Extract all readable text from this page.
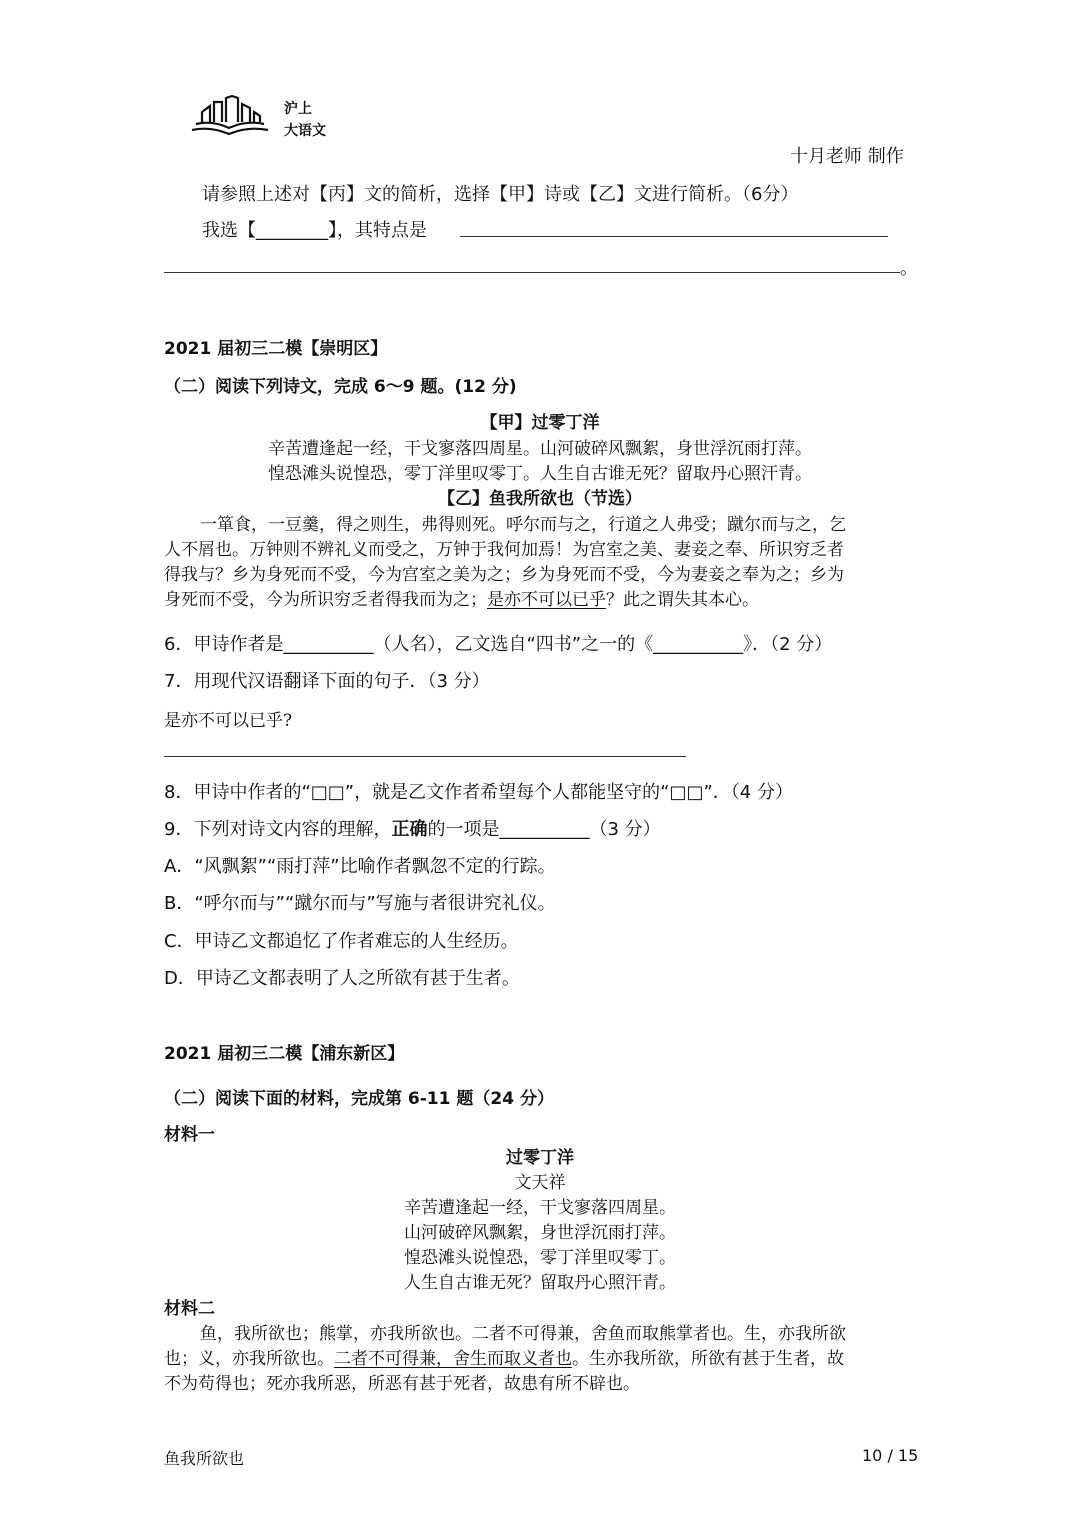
沪上
大语文
十月老师 制作
请参照上述对【丙】文的简析，选择【甲】诗或【乙】文进行简析。（6分）
我选【________】，其特点是
。
2021 届初三二模【崇明区】
（二）阅读下列诗文，完成 6～9 题。(12 分)
【甲】过零丁洋
辛苦遭逢起一经，干戈寥落四周星。山河破碎风飘絮，身世浮沉雨打萍。
惶恐滩头说惶恐，零丁洋里叹零丁。人生自古谁无死？留取丹心照汗青。
【乙】鱼我所欲也（节选）
一箪食，一豆羹，得之则生，弗得则死。呼尔而与之，行道之人弗受；蹴尔而与之，乞
人不屑也。万钟则不辨礼义而受之，万钟于我何加焉！为宫室之美、妻妾之奉、所识穷乏者
得我与？乡为身死而不受，今为宫室之美为之；乡为身死而不受，今为妻妾之奉为之；乡为
身死而不受，今为所识穷乏者得我而为之；是亦不可以已乎？此之谓失其本心。
6．甲诗作者是__________（人名），乙文选自“四书”之一的《__________》．（2 分）
7．用现代汉语翻译下面的句子．（3 分）
是亦不可以已乎?
8．甲诗中作者的“□□”，就是乙文作者希望每个人都能坚守的“□□”．（4 分）
9．下列对诗文内容的理解，正确的一项是__________（3 分）
A．“风飘絮”“雨打萍”比喻作者飘忽不定的行踪。
B．“呼尔而与”“蹴尔而与”写施与者很讲究礼仪。
C．甲诗乙文都追忆了作者难忘的人生经历。
D．甲诗乙文都表明了人之所欲有甚于生者。
2021 届初三二模【浦东新区】
（二）阅读下面的材料，完成第 6-11 题（24 分）
材料一
过零丁洋
文天祥
辛苦遭逢起一经，干戈寥落四周星。
山河破碎风飘絮，身世浮沉雨打萍。
惶恐滩头说惶恐，零丁洋里叹零丁。
人生自古谁无死？留取丹心照汗青。
材料二
鱼，我所欲也；熊掌，亦我所欲也。二者不可得兼，舍鱼而取熊掌者也。生，亦我所欲
也；义，亦我所欲也。二者不可得兼，舍生而取义者也。生亦我所欲，所欲有甚于生者，故
不为苟得也；死亦我所恶，所恶有甚于死者，故患有所不辟也。
鱼我所欲也	10 / 15
